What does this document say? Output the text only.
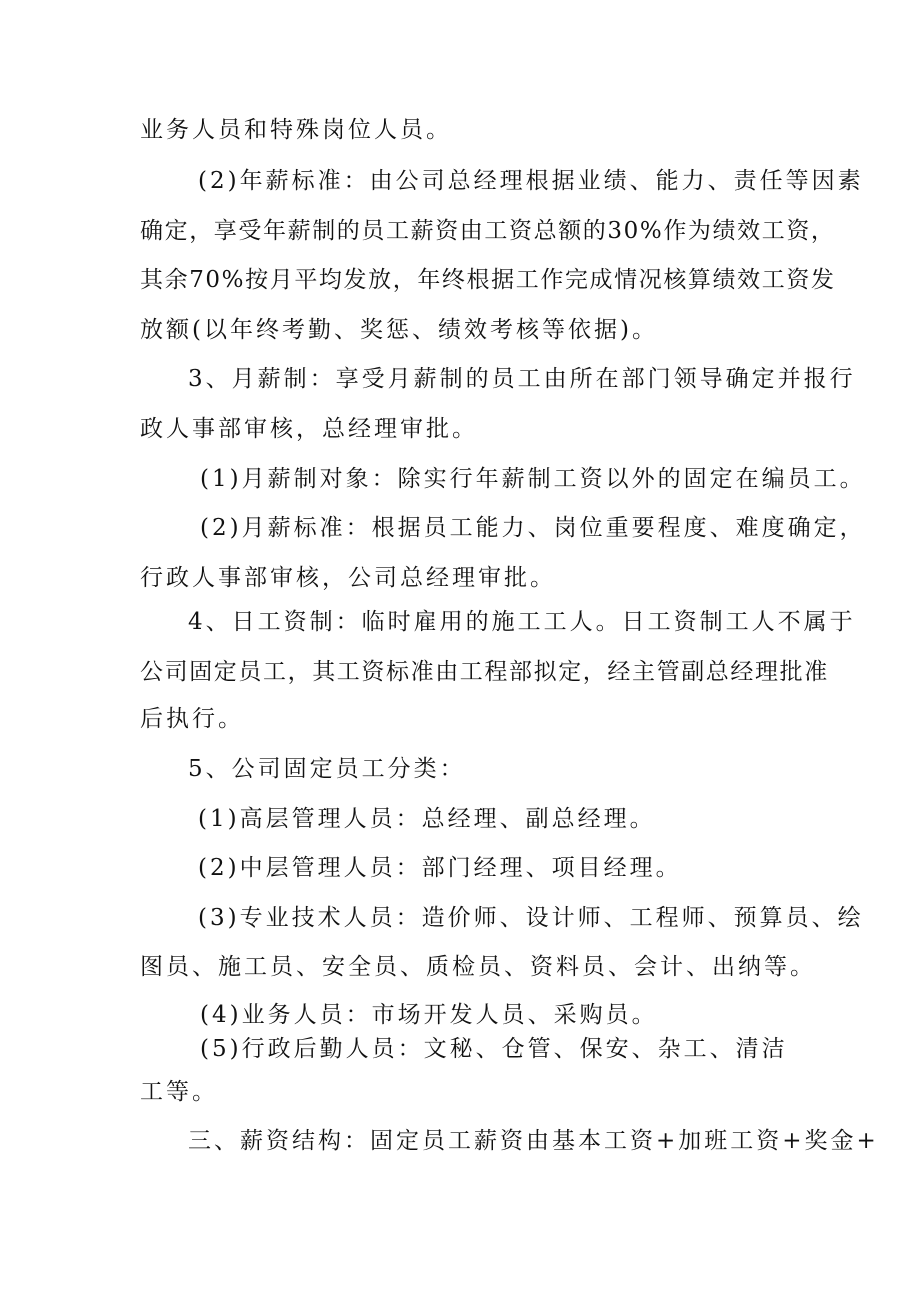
业务人员和特殊岗位人员。
(2)年薪标准：由公司总经理根据业绩、能力、责任等因素
确定，享受年薪制的员工薪资由工资总额的30%作为绩效工资，
其余70%按月平均发放，年终根据工作完成情况核算绩效工资发
放额(以年终考勤、奖惩、绩效考核等依据)。
3、月薪制：享受月薪制的员工由所在部门领导确定并报行
政人事部审核，总经理审批。
(1)月薪制对象：除实行年薪制工资以外的固定在编员工。
(2)月薪标准：根据员工能力、岗位重要程度、难度确定，
行政人事部审核，公司总经理审批。
4、日工资制：临时雇用的施工工人。日工资制工人不属于
公司固定员工，其工资标准由工程部拟定，经主管副总经理批准
后执行。
5、公司固定员工分类：
(1)高层管理人员：总经理、副总经理。
(2)中层管理人员：部门经理、项目经理。
(3)专业技术人员：造价师、设计师、工程师、预算员、绘
图员、施工员、安全员、质检员、资料员、会计、出纳等。
(4)业务人员：市场开发人员、采购员。
(5)行政后勤人员：文秘、仓管、保安、杂工、清洁
工等。
三、薪资结构：固定员工薪资由基本工资+加班工资+奖金+
